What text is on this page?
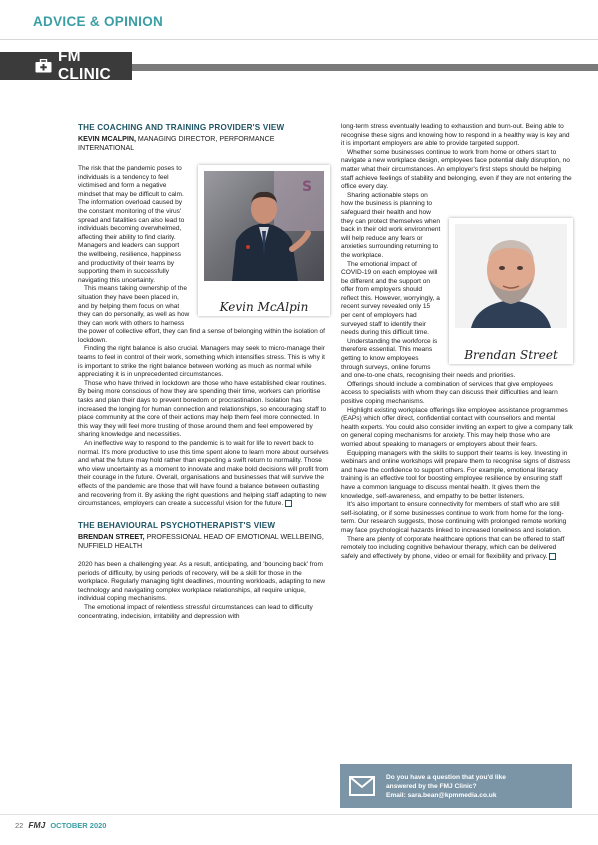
ADVICE & OPINION
FM CLINIC
THE COACHING AND TRAINING PROVIDER'S VIEW
KEVIN MCALPIN, MANAGING DIRECTOR, PERFORMANCE INTERNATIONAL
S
Kevin McAlpin

The risk that the pandemic poses to individuals is a tendency to feel victimised and form a negative mindset that may be difficult to calm. The information overload caused by the constant monitoring of the virus' spread and fatalities can also lead to individuals becoming overwhelmed, affecting their ability to find clarity. Managers and leaders can support the wellbeing, resilience, happiness and productivity of their teams by supporting them in successfully navigating this uncertainty.

This means taking ownership of the situation they have been placed in, and by helping them focus on what they can do personally, as well as how they can work with others to harness the power of collective effort, they can find a sense of belonging within the isolation of lockdown.

Finding the right balance is also crucial. Managers may seek to micro-manage their teams to feel in control of their work, something which intensifies stress. This is why it is important to strike the right balance between working as much as normal while appreciating it is in unprecedented circumstances.

Those who have thrived in lockdown are those who have established clear routines. By being more conscious of how they are spending their time, workers can prioritise tasks and plan their days to prevent boredom or procrastination. Isolation has increased the longing for human connection and relationships, so encouraging staff to place community at the core of their actions may help them feel more connected. In this way they will feel more trusting of those around them and feel empowered by sharing knowledge and necessities.

An ineffective way to respond to the pandemic is to wait for life to revert back to normal. It's more productive to use this time spent alone to learn more about ourselves and what the future may hold rather than expecting a swift return to normality. Those who view uncertainty as a moment to innovate and make bold decisions will profit from their courage in the future. Overall, organisations and businesses that will survive the effects of the pandemic are those that will have found a balance between outlasting and recovering from it. By asking the right questions and helping staff adapting to new circumstances, employers can create a successful vision for the future.

THE BEHAVIOURAL PSYCHOTHERAPIST'S VIEW
BRENDAN STREET, PROFESSIONAL HEAD OF EMOTIONAL WELLBEING, NUFFIELD HEALTH

2020 has been a challenging year. As a result, anticipating, and 'bouncing back' from periods of difficulty, by using periods of recovery, will be a skill for those in the workplace. Regularly managing tight deadlines, mounting workloads, adapting to new technology and navigating complex workplace relationships, all require unique, individual coping mechanisms.

The emotional impact of relentless stressful circumstances can lead to difficulty concentrating, indecision, irritability and depression with

long-term stress eventually leading to exhaustion and burn-out. Being able to recognise these signs and knowing how to respond in a healthy way is key and it is important employers are able to provide targeted support.

Whether some businesses continue to work from home or others start to navigate a new workplace design, employees face potential daily disruption, no matter what their circumstances. An employer's first steps should be helping staff achieve feelings of stability and belonging, even if they are not entering the office every day.

Brendan Street

Sharing actionable steps on how the business is planning to safeguard their health and how they can protect themselves when back in their old work environment will help reduce any fears or anxieties surrounding returning to the workplace.

The emotional impact of COVID-19 on each employee will be different and the support on offer from employers should reflect this. However, worryingly, a recent survey revealed only 15 per cent of employers had surveyed staff to identify their needs during this difficult time.

Understanding the workforce is therefore essential. This means getting to know employees through surveys, online forums and one-to-one chats, recognising their needs and priorities.

Offerings should include a combination of services that give employees access to specialists with whom they can discuss their difficulties and learn positive coping mechanisms.

Highlight existing workplace offerings like employee assistance programmes (EAPs) which offer direct, confidential contact with counsellors and mental health experts. You could also consider inviting an expert to give a company talk on general coping mechanisms for anxiety. This may help those who are worried about speaking to managers or employers about their fears.

Equipping managers with the skills to support their teams is key. Investing in webinars and online workshops will prepare them to recognise signs of distress and have the confidence to support others. For example, emotional literacy training is an effective tool for boosting employee resilience by ensuring staff have a common language to discuss mental health. It gives them the knowledge, self-awareness, and empathy to be better listeners.

It's also important to ensure connectivity for members of staff who are still self-isolating, or if some businesses continue to work from home for the long-term. Our research suggests, those continuing with prolonged remote working may face psychological hazards linked to increased loneliness and isolation.

There are plenty of corporate healthcare options that can be offered to staff remotely too including cognitive behaviour therapy, which can be delivered safely and effectively by phone, video or email for flexibility and privacy.

Do you have a question that you'd like
answered by the FMJ Clinic?
Email: sara.bean@kpmmedia.co.uk
22 FMJ OCTOBER 2020
